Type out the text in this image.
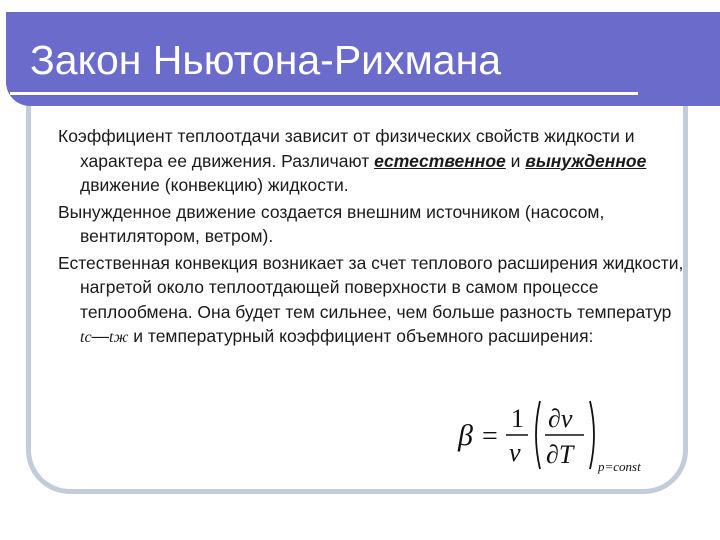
Закон Ньютона-Рихмана

Коэффициент теплоотдачи зависит от физических свойств жидкости и характера ее движения. Различают естественное и вынужденное движение (конвекцию) жидкости.

Вынужденное движение создается внешним источником (насосом, вентилятором, ветром).

Естественная конвекция возникает за счет теплового расширения жидкости, нагретой около теплоотдающей поверхности в самом процессе теплообмена. Она будет тем сильнее, чем больше разность температур tc—tж и температурный коэффициент объемного расширения:

β =
1
v
∂v
∂T p=const
